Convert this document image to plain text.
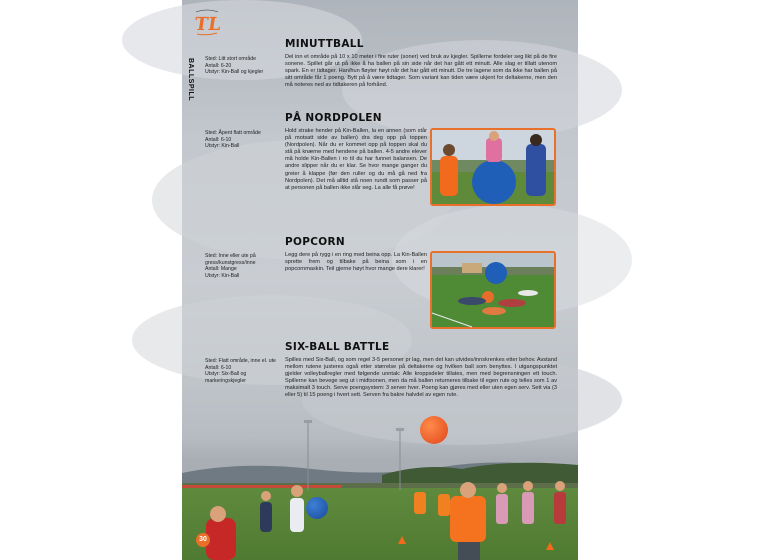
TL
BALLSPILL
MINUTTBALL
Sted: Litt stort område
Antall: 6-20
Utstyr: Kin-Ball og kjegler
Del inn et område på 10 x 10 meter i fire ruter (soner) ved bruk av kjegler. Spillerne fordeler seg likt på de fire sonene. Spillet går ut på ikke å ha ballen på sin side når det har gått ett minutt. Alle slag er tillatt utenom spark. En er tidtager. Han/hun fløyter høyt når det har gått ett minutt. De tre lagene som da ikke har ballen på sitt område får 1 poeng. Bytt på å være tidtager. Som variant kan tiden være ukjent for deltakerne, men den må noteres ned av tidtakeren på forhånd.
PÅ NORDPOLEN
Sted: Åpent flatt område
Antall: 6-10
Utstyr: Kin-Ball
Hold strake hender på Kin-Ballen, la en annen (som står på motsatt side av ballen) dra deg opp på toppen (Nordpolen). Når du er kommet opp på toppen skal du stå på knærne med hendene på ballen. 4-5 andre elever må holde Kin-Ballen i ro til du har funnet balansen. De andre slipper når du er klar. Se hvor mange ganger du greier å klappe (før den ruller og du må gå ned fra Nordpolen). Det må alltid stå noen rundt som passer på at personen på ballen ikke slår seg. La alle få prøve!
POPCORN
Sted: Inne eller ute på gress/kunstgress/inne
Antall: Mange
Utstyr: Kin-Ball
Legg dere på rygg i en ring med beina opp. La Kin-Ballen sprette frem og tilbake på beina som i en popcornmaskin. Teil gjerne høyt hvor mange dere klarer!
SIX-BALL BATTLE
Sted: Flatt område, inne el. ute
Antall: 6-10
Utstyr: Six-Ball og markeringskjegler
Spilles med Six-Ball, og som regel 3-5 personer pr lag, men det kan utvides/innskrenkes etter behov. Avstand mellom rutene justeres også etter størrelse på deltakerne og hvilken ball som benyttes. I utgangspunktet gjelder volleyballregler med følgende unntak: Alle kroppsdeler tillates, men med begrensningen ett touch. Spillerne kan bevege seg ut i midtsonen, men da må ballen returneres tilbake til egen rute og telles som 1 av maksimalt 3 touch. Serve poengsystem: 3 server hver. Poeng kan gjøres med eller uten egen serv. Sett via (3 eller 5) til 15 poeng i hvert sett. Serven fra bakre halvdel av egen rute.
30
